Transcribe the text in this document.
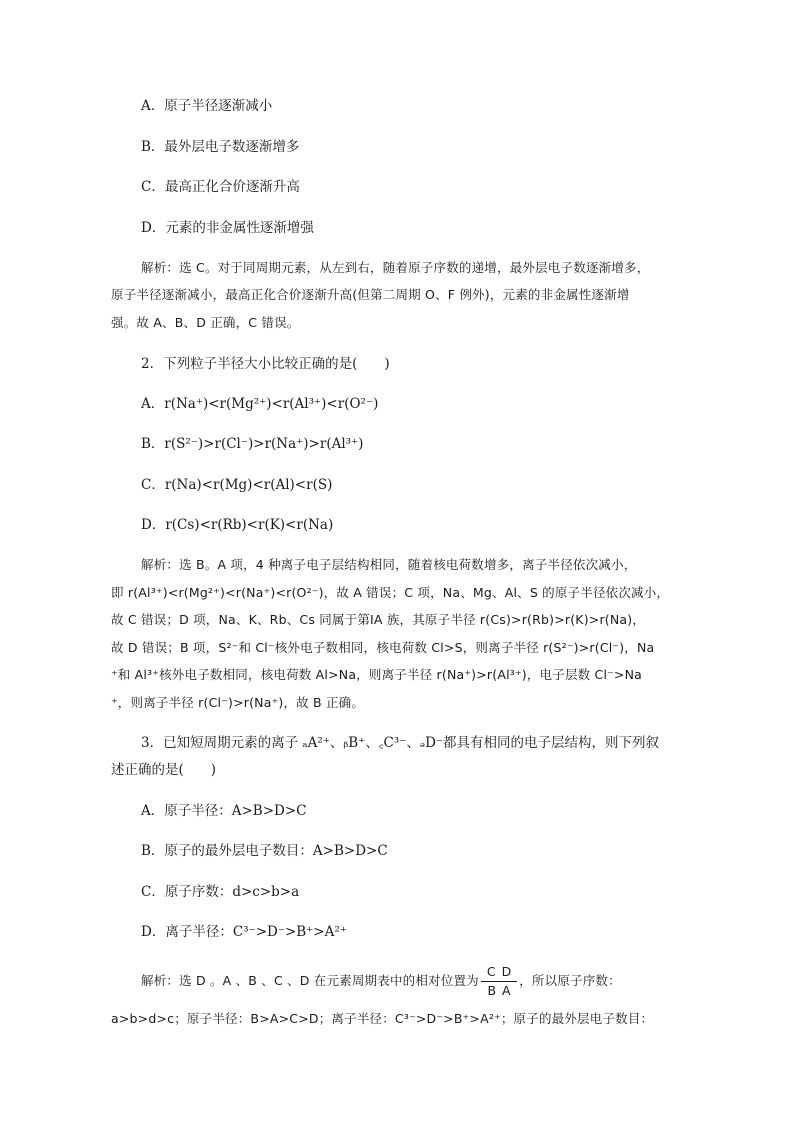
A．原子半径逐渐减小
B．最外层电子数逐渐增多
C．最高正化合价逐渐升高
D．元素的非金属性逐渐增强
解析：选 C。对于同周期元素，从左到右，随着原子序数的递增，最外层电子数逐渐增多，
原子半径逐渐减小，最高正化合价逐渐升高(但第二周期 O、F 例外)，元素的非金属性逐渐增
强。故 A、B、D 正确，C 错误。
2．下列粒子半径大小比较正确的是(　　)
A．r(Na⁺)<r(Mg²⁺)<r(Al³⁺)<r(O²⁻)
B．r(S²⁻)>r(Cl⁻)>r(Na⁺)>r(Al³⁺)
C．r(Na)<r(Mg)<r(Al)<r(S)
D．r(Cs)<r(Rb)<r(K)<r(Na)
解析：选 B。A 项，4 种离子电子层结构相同，随着核电荷数增多，离子半径依次减小，
即 r(Al³⁺)<r(Mg²⁺)<r(Na⁺)<r(O²⁻)，故 A 错误；C 项，Na、Mg、Al、S 的原子半径依次减小，
故 C 错误；D 项，Na、K、Rb、Cs 同属于第ⅠA 族，其原子半径 r(Cs)>r(Rb)>r(K)>r(Na)，
故 D 错误；B 项，S²⁻和 Cl⁻核外电子数相同，核电荷数 Cl>S，则离子半径 r(S²⁻)>r(Cl⁻)，Na
⁺和 Al³⁺核外电子数相同，核电荷数 Al>Na，则离子半径 r(Na⁺)>r(Al³⁺)，电子层数 Cl⁻>Na
⁺，则离子半径 r(Cl⁻)>r(Na⁺)，故 B 正确。
3．已知短周期元素的离子 ₐA²⁺、ᵦB⁺、꜀C³⁻、ₔD⁻都具有相同的电子层结构，则下列叙
述正确的是(　　)
A．原子半径：A>B>D>C
B．原子的最外层电子数目：A>B>D>C
C．原子序数：d>c>b>a
D．离子半径：C³⁻>D⁻>B⁺>A²⁺
解析：选 D 。A 、B 、C 、D 在元素周期表中的相对位置为 $\frac{CD}{BA}$ ，所以原子序数：
a>b>d>c；原子半径：B>A>C>D；离子半径：C³⁻>D⁻>B⁺>A²⁺；原子的最外层电子数目：
